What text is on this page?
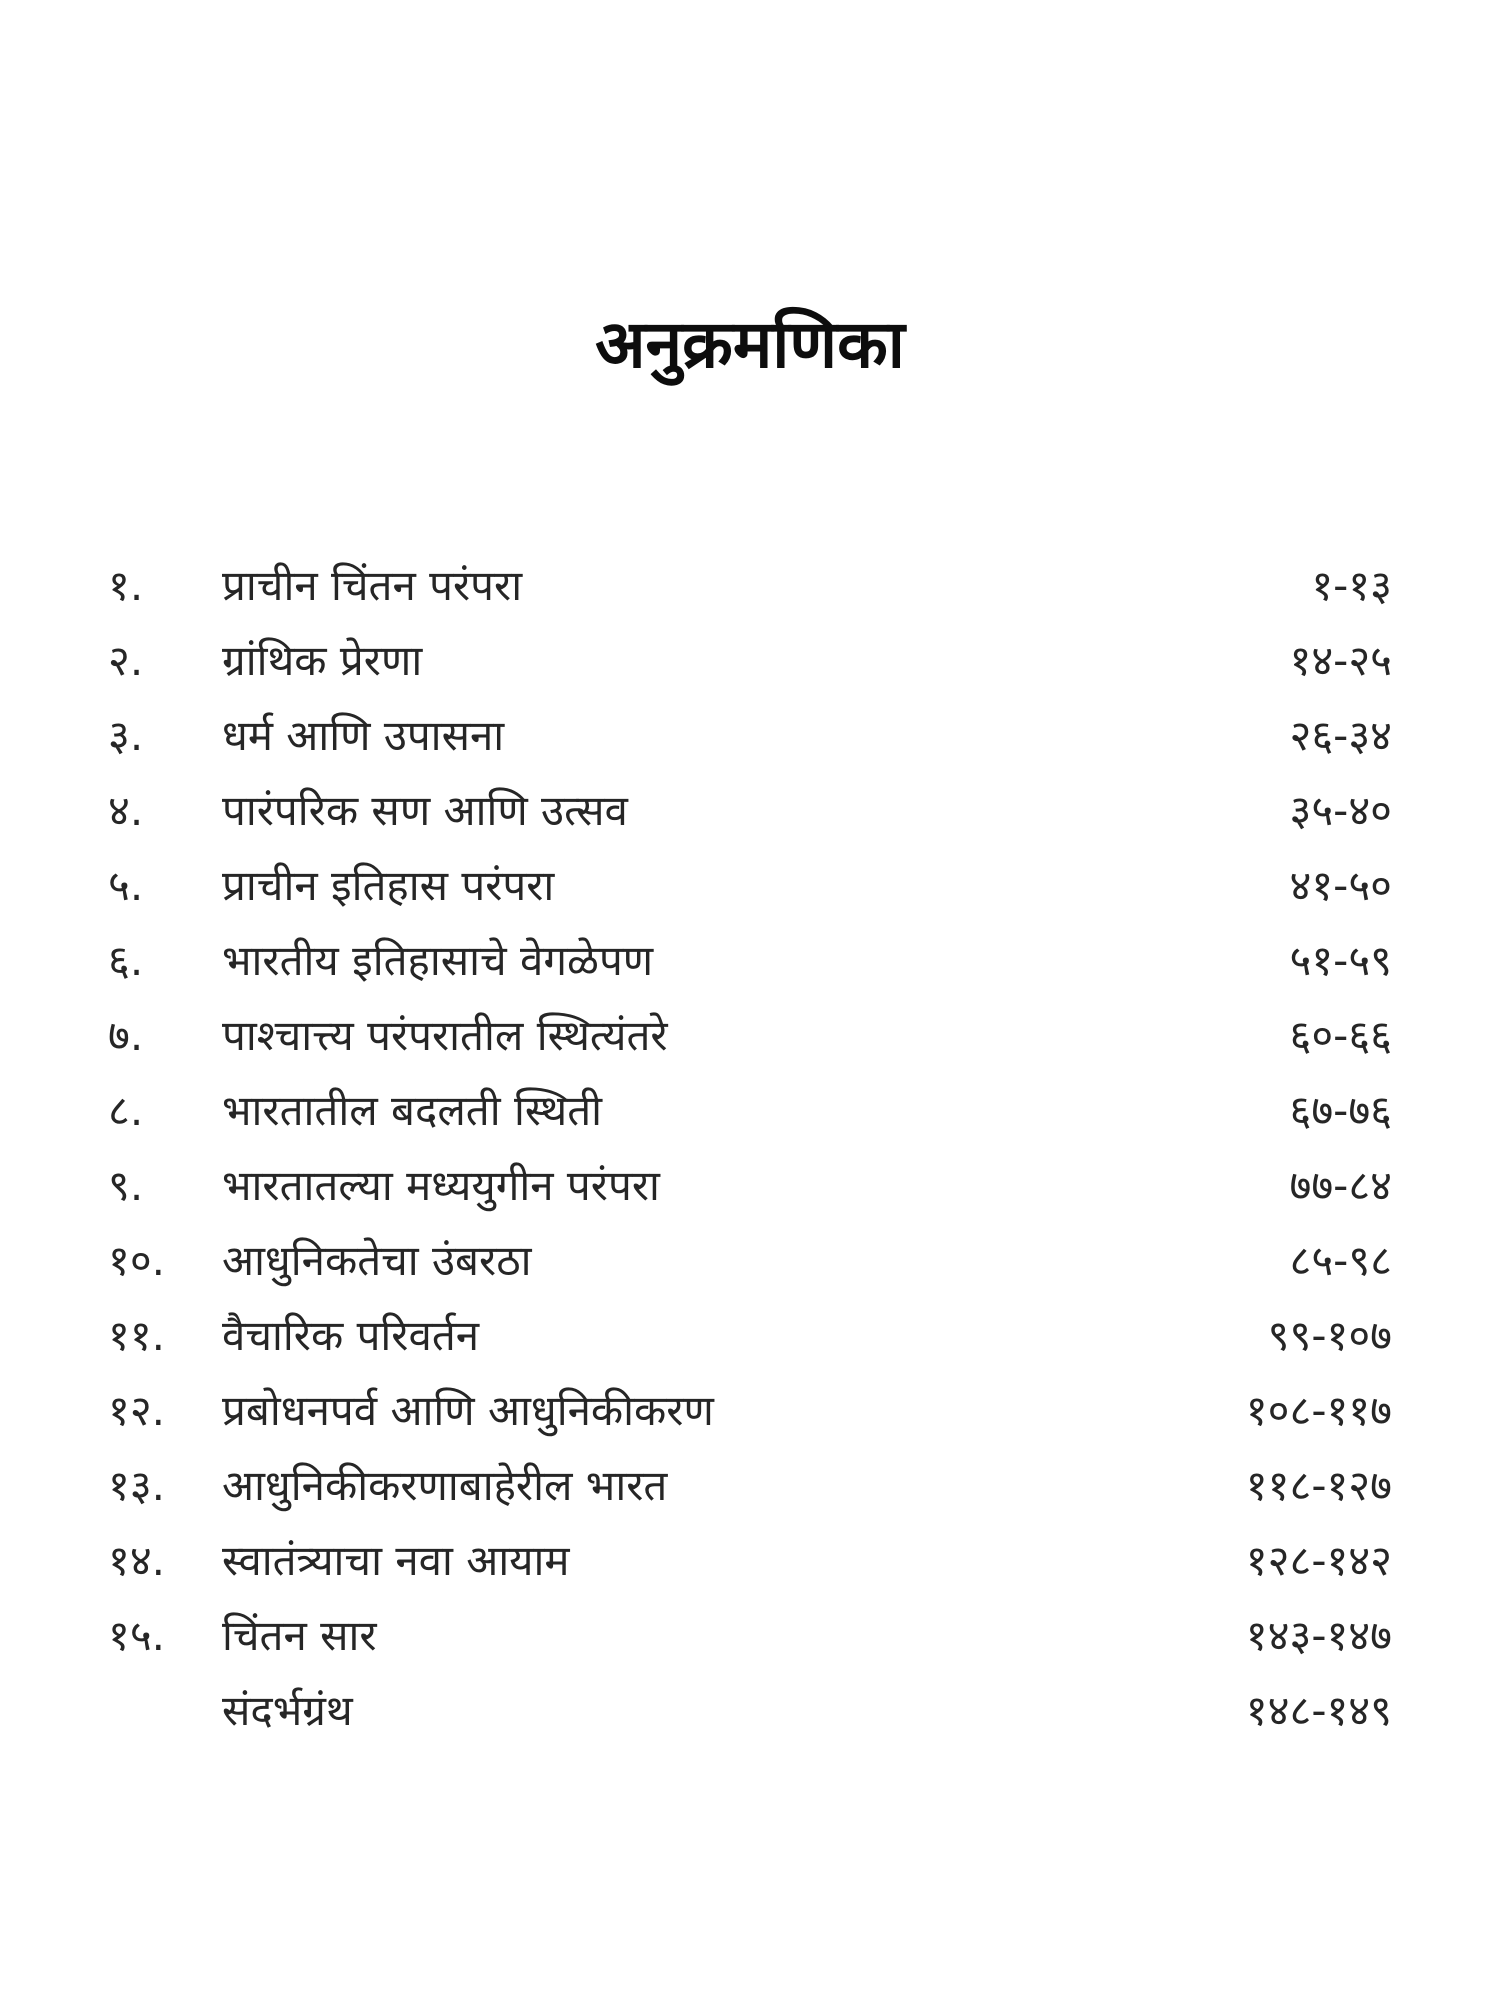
अनुक्रमणिका
१. प्राचीन चिंतन परंपरा	१-१३
२. ग्रांथिक प्रेरणा	१४-२५
३. धर्म आणि उपासना	२६-३४
४. पारंपरिक सण आणि उत्सव	३५-४०
५. प्राचीन इतिहास परंपरा	४१-५०
६. भारतीय इतिहासाचे वेगळेपण	५१-५९
७. पाश्चात्त्य परंपरातील स्थित्यंतरे	६०-६६
८. भारतातील बदलती स्थिती	६७-७६
९. भारतातल्या मध्ययुगीन परंपरा	७७-८४
१०. आधुनिकतेचा उंबरठा	८५-९८
११. वैचारिक परिवर्तन	९९-१०७
१२. प्रबोधनपर्व आणि आधुनिकीकरण	१०८-११७
१३. आधुनिकीकरणाबाहेरील भारत	११८-१२७
१४. स्वातंत्र्याचा नवा आयाम	१२८-१४२
१५. चिंतन सार	१४३-१४७
संदर्भग्रंथ	१४८-१४९
